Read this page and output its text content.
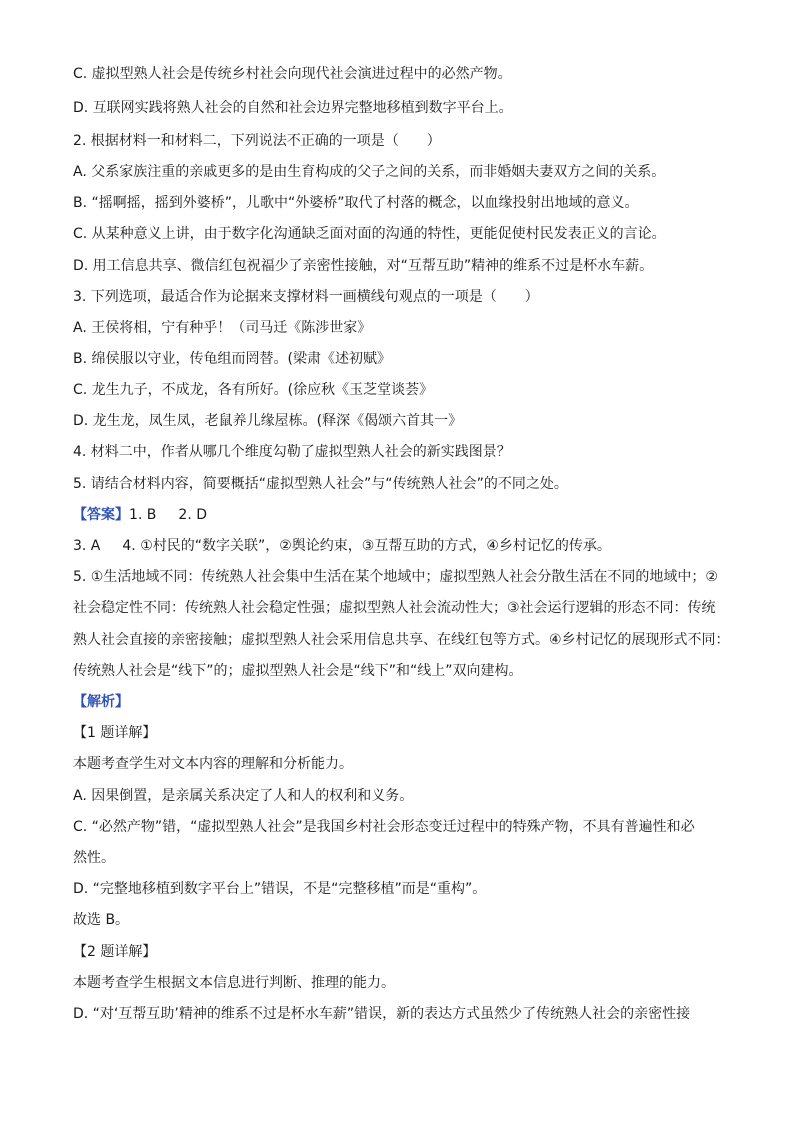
C. 虚拟型熟人社会是传统乡村社会向现代社会演进过程中的必然产物。
D. 互联网实践将熟人社会的自然和社会边界完整地移植到数字平台上。
2. 根据材料一和材料二，下列说法不正确的一项是（　　）
A. 父系家族注重的亲戚更多的是由生育构成的父子之间的关系，而非婚姻夫妻双方之间的关系。
B. “摇啊摇，摇到外婆桥”，儿歌中“外婆桥”取代了村落的概念，以血缘投射出地域的意义。
C. 从某种意义上讲，由于数字化沟通缺乏面对面的沟通的特性，更能促使村民发表正义的言论。
D. 用工信息共享、微信红包祝福少了亲密性接触，对“互帮互助”精神的维系不过是杯水车薪。
3. 下列选项，最适合作为论据来支撑材料一画横线句观点的一项是（　　）
A. 王侯将相，宁有种乎！（司马迁《陈涉世家》
B. 绵侯服以守业，传龟组而罔替。(梁肃《述初赋》
C. 龙生九子，不成龙，各有所好。(徐应秋《玉芝堂谈荟》
D. 龙生龙，凤生凤，老鼠养儿缘屋栋。(释深《偈颂六首其一》
4. 材料二中，作者从哪几个维度勾勒了虚拟型熟人社会的新实践图景？
5. 请结合材料内容，简要概括“虚拟型熟人社会”与“传统熟人社会”的不同之处。
【答案】1. B 2. D
3. A 4. ①村民的“数字关联”，②舆论约束，③互帮互助的方式，④乡村记忆的传承。
5. ①生活地域不同：传统熟人社会集中生活在某个地域中；虚拟型熟人社会分散生活在不同的地域中；②
社会稳定性不同：传统熟人社会稳定性强；虚拟型熟人社会流动性大；③社会运行逻辑的形态不同：传统
熟人社会直接的亲密接触；虚拟型熟人社会采用信息共享、在线红包等方式。④乡村记忆的展现形式不同：
传统熟人社会是“线下”的；虚拟型熟人社会是“线下”和“线上”双向建构。
【解析】
【1 题详解】
本题考查学生对文本内容的理解和分析能力。
A. 因果倒置，是亲属关系决定了人和人的权利和义务。
C. “必然产物”错，“虚拟型熟人社会”是我国乡村社会形态变迁过程中的特殊产物，不具有普遍性和必
然性。
D. “完整地移植到数字平台上”错误，不是“完整移植”而是“重构”。
故选 B。
【2 题详解】
本题考查学生根据文本信息进行判断、推理的能力。
D. “对‘互帮互助’精神的维系不过是杯水车薪”错误，新的表达方式虽然少了传统熟人社会的亲密性接
